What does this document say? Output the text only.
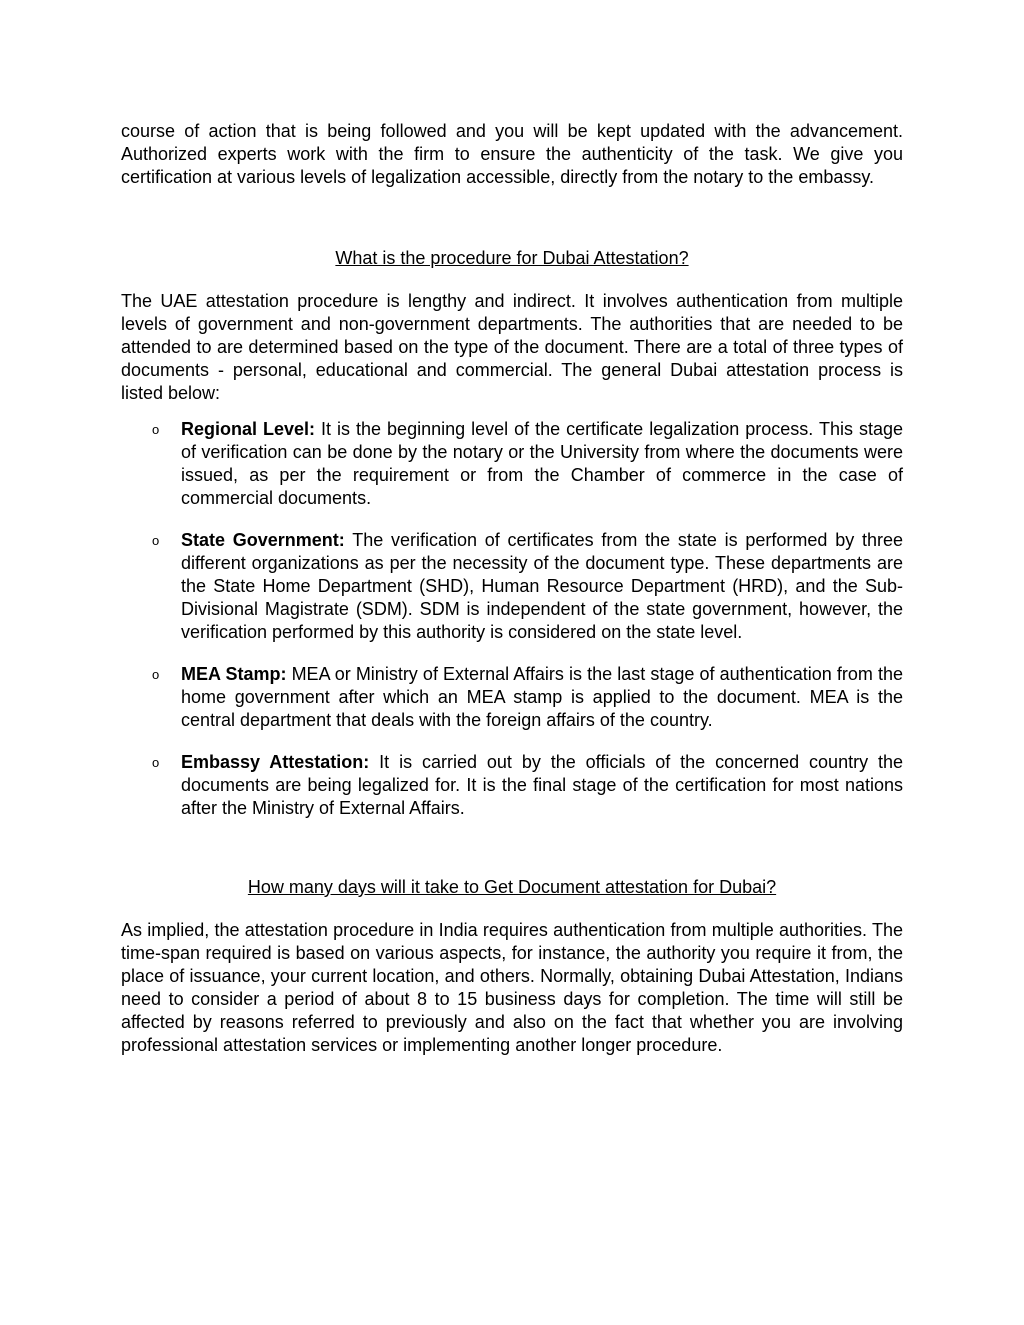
course of action that is being followed and you will be kept updated with the advancement. Authorized experts work with the firm to ensure the authenticity of the task. We give you certification at various levels of legalization accessible, directly from the notary to the embassy.

What is the procedure for Dubai Attestation?

The UAE attestation procedure is lengthy and indirect. It involves authentication from multiple levels of government and non-government departments. The authorities that are needed to be attended to are determined based on the type of the document. There are a total of three types of documents - personal, educational and commercial. The general Dubai attestation process is listed below:

o Regional Level: It is the beginning level of the certificate legalization process. This stage of verification can be done by the notary or the University from where the documents were issued, as per the requirement or from the Chamber of commerce in the case of commercial documents.
o State Government: The verification of certificates from the state is performed by three different organizations as per the necessity of the document type. These departments are the State Home Department (SHD), Human Resource Department (HRD), and the Sub-Divisional Magistrate (SDM). SDM is independent of the state government, however, the verification performed by this authority is considered on the state level.
o MEA Stamp: MEA or Ministry of External Affairs is the last stage of authentication from the home government after which an MEA stamp is applied to the document. MEA is the central department that deals with the foreign affairs of the country.
o Embassy Attestation: It is carried out by the officials of the concerned country the documents are being legalized for. It is the final stage of the certification for most nations after the Ministry of External Affairs.

How many days will it take to Get Document attestation for Dubai?

As implied, the attestation procedure in India requires authentication from multiple authorities. The time-span required is based on various aspects, for instance, the authority you require it from, the place of issuance, your current location, and others. Normally, obtaining Dubai Attestation, Indians need to consider a period of about 8 to 15 business days for completion. The time will still be affected by reasons referred to previously and also on the fact that whether you are involving professional attestation services or implementing another longer procedure.
